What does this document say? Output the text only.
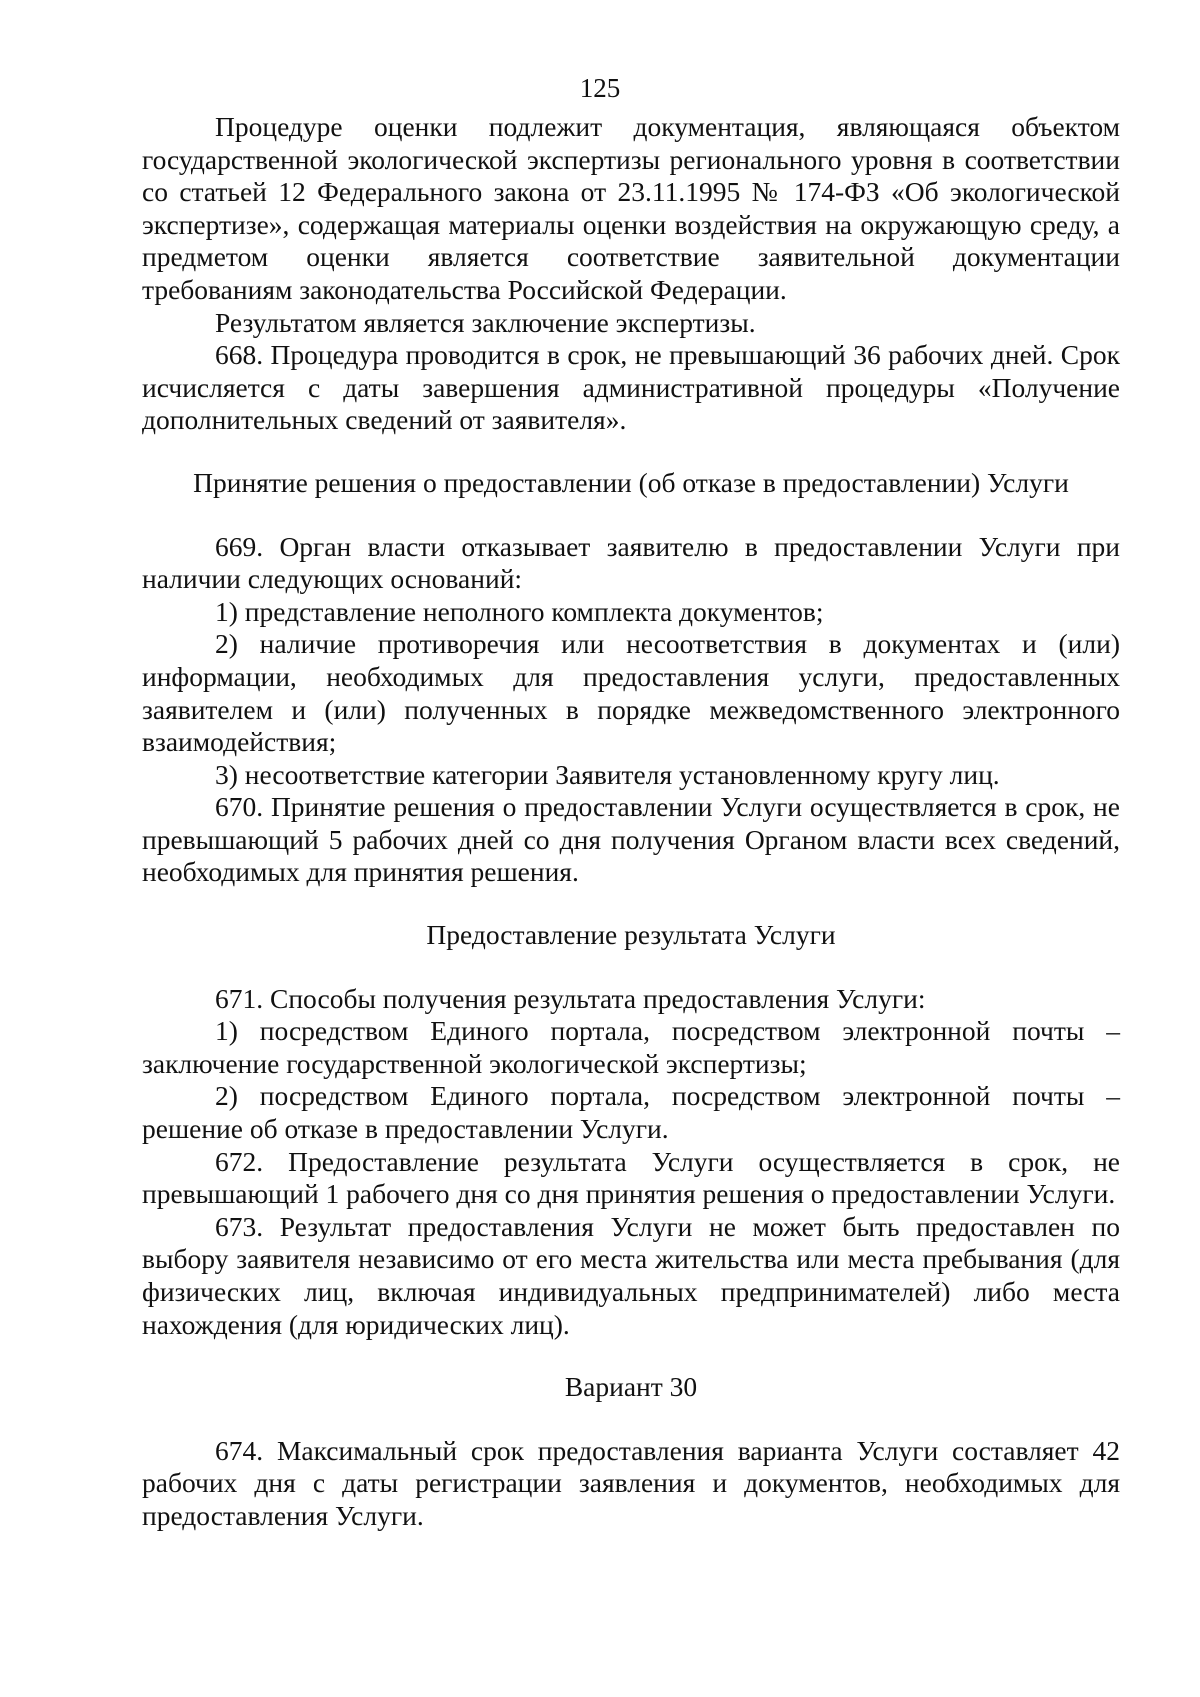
125

Процедуре оценки подлежит документация, являющаяся объектом государственной экологической экспертизы регионального уровня в соответствии со статьей 12 Федерального закона от 23.11.1995 № 174-ФЗ «Об экологической экспертизе», содержащая материалы оценки воздействия на окружающую среду, а предметом оценки является соответствие заявительной документации требованиям законодательства Российской Федерации.

Результатом является заключение экспертизы.

668. Процедура проводится в срок, не превышающий 36 рабочих дней. Срок исчисляется с даты завершения административной процедуры «Получение дополнительных сведений от заявителя».

Принятие решения о предоставлении (об отказе в предоставлении) Услуги

669. Орган власти отказывает заявителю в предоставлении Услуги при наличии следующих оснований:

1) представление неполного комплекта документов;

2) наличие противоречия или несоответствия в документах и (или) информации, необходимых для предоставления услуги, предоставленных заявителем и (или) полученных в порядке межведомственного электронного взаимодействия;

3) несоответствие категории Заявителя установленному кругу лиц.

670. Принятие решения о предоставлении Услуги осуществляется в срок, не превышающий 5 рабочих дней со дня получения Органом власти всех сведений, необходимых для принятия решения.

Предоставление результата Услуги

671. Способы получения результата предоставления Услуги:

1) посредством Единого портала, посредством электронной почты – заключение государственной экологической экспертизы;

2) посредством Единого портала, посредством электронной почты – решение об отказе в предоставлении Услуги.

672. Предоставление результата Услуги осуществляется в срок, не превышающий 1 рабочего дня со дня принятия решения о предоставлении Услуги.

673. Результат предоставления Услуги не может быть предоставлен по выбору заявителя независимо от его места жительства или места пребывания (для физических лиц, включая индивидуальных предпринимателей) либо места нахождения (для юридических лиц).

Вариант 30

674. Максимальный срок предоставления варианта Услуги составляет 42 рабочих дня с даты регистрации заявления и документов, необходимых для предоставления Услуги.
